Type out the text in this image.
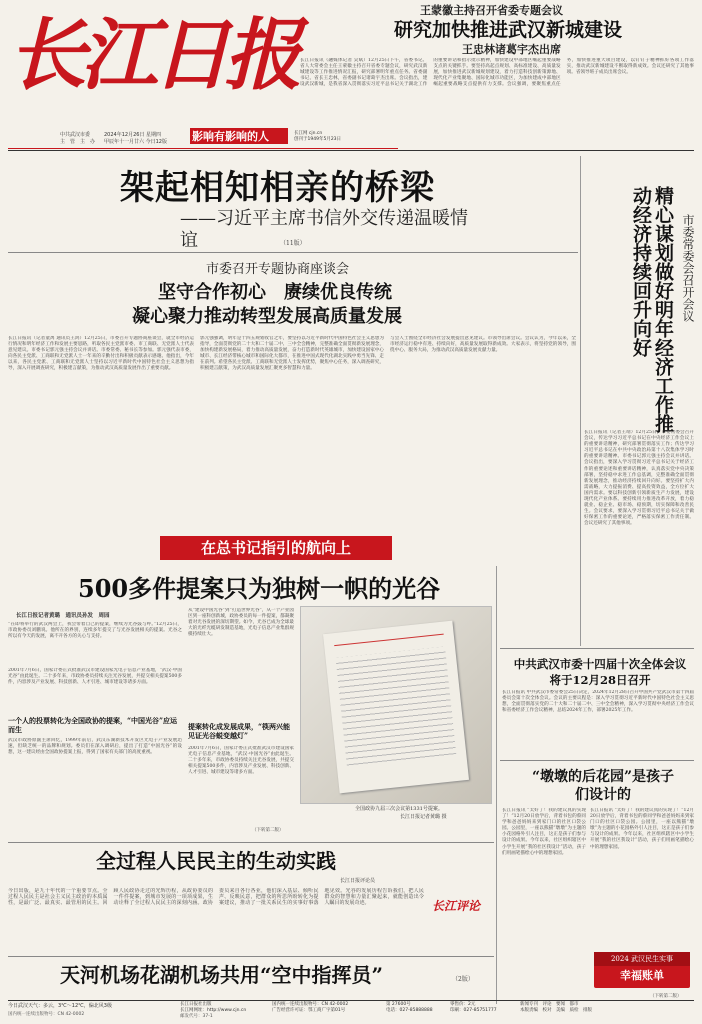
长江日报
中共武汉市委
主　管　主　办
2024年12月26日 星期四
甲辰年十一月廿六 今日12版	影响有影响的人	长江网 cjn.cn
创刊于1949年5月23日
王蒙徽主持召开省委专题会议
研究加快推进武汉新城建设
王忠林诸葛宇杰出席
长江日报讯（融媒体记者 吴斌）12月25日下午，省委书记、省人大常委会主任王蒙徽主持召开省委专题会议，研究武汉新城建设等工作推进情况汇报，研究部署明年重点任务。省委副书记、省长王忠林，省委副书记诸葛宇杰出席。会议指出，建设武汉新城，是我省深入贯彻落实习近平总书记关于湖北工作的重要讲话和指示批示精神，加快建设中部地区崛起重要战略支点的关键抓手。要坚持高起点规划、高标准建设、高质量发展，加快推进武汉新城规划建设，着力打造科技创新策源地、现代化产业集聚地、国际化城市功能区，为加快建成中部地区崛起重要战略支点提供有力支撑。会议强调，要聚焦重点任务，加快推进重大项目建设，以钉钉子精神抓好各项工作落实，推动武汉新城建设不断取得新成效。会议还研究了其他事项。省领导班子成员出席会议。
架起相知相亲的桥梁
——习近平主席书信外交传递温暖情谊	（11版）
市委召开专题协商座谈会
坚守合作初心　赓续优良传统
凝心聚力推动转型发展高质量发展
长江日报讯（记者童禹 通讯员王鸿）12月25日，市委召开专题协商座谈会，就全市经济运行情况和明年经济工作和发展主要思路，听取各民主党派市委、市工商联、无党派人士代表意见建议。市委书记郭元强主持会议并讲话。市委常委、秘书长等参加。郭元强代表市委，向各民主党派、工商联和无党派人士一年来的辛勤付出和积极贡献表示感谢。他指出，今年以来，各民主党派、工商联和无党派人士坚持以习近平新时代中国特色社会主义思想为指导，深入开展调查研究，积极建言献策，为推动武汉高质量发展作出了重要贡献。
郭元强强调，明年是十四五规划收官之年，要坚持以习近平新时代中国特色社会主义思想为指导，全面贯彻党的二十大和二十届二中、三中全会精神，完整准确全面贯彻新发展理念，加快构建新发展格局，着力推动高质量发展，奋力打造新时代英雄城市，加快建设国家中心城市、长江经济带核心城市和国际化大都市，在推进中国式现代化湖北实践中勇当先锋、走在前列。希望各民主党派、工商联和无党派人士发挥优势，聚焦中心任务，深入调查研究，积极建言献策，为武汉高质量发展汇聚更多智慧和力量。
与会人士围绕全市经济社会发展提出意见建议。市领导出席会议。会议认为，今年以来，全市经济运行稳中有进、持续向好，高质量发展取得新成效。大家表示，将坚持党的领导，围绕中心、服务大局，为推动武汉高质量发展贡献力量。
市委常委会召开会议
精心谋划做好明年经济工作推动经济持续回升向好
长江日报讯（记者王靖）12月25日，市委常委会召开会议，传达学习习近平总书记在中央经济工作会议上的重要讲话精神，研究部署贯彻落实工作；传达学习习近平总书记在中共中央政治局第十八次集体学习时的重要讲话精神。市委书记郭元强主持会议并讲话。会议指出，要深入学习贯彻习近平总书记关于经济工作的重要论述和重要讲话精神，认真落实党中央决策部署，坚持稳中求进工作总基调，完整准确全面贯彻新发展理念，推动经济持续回升向好。要坚持扩大内需战略，大力提振消费、提高投资效益，全方位扩大国内需求。要以科技创新引领新质生产力发展，建设现代化产业体系。要持续用力推进改革开放，着力稳就业、稳企业、稳市场、稳预期，切实保障和改善民生。会议要求，要深入学习贯彻习近平总书记关于做好保密工作的重要论述，严格落实保密工作责任制。会议还研究了其他事项。
在总书记指引的航向上
500多件提案只为独树一帜的光谷
长江日报记者黄璐　通讯员孙发　周园
“在即将举行的武汉两会上，我会带着自己的提案，继续为光谷鼓与呼。”12月25日，市政协委员刘鹏说。他所在的界别，连续多年提交了与光谷发展相关的提案。光谷之所以有今天的发展，离不开各方的关心与支持。
2001年7月6日，国家计委正式批准武汉市建设国家光电子信息产业基地，“武汉·中国光谷”由此诞生。二十多年来，市政协委员持续关注光谷发展，共提交相关提案500多件，内容涉及产业发展、科技创新、人才引进、城市建设等诸多方面。
一个人的投票转化为全国政协的提案，“中国光谷”应运而生
武汉市政协原副主席回忆，1999年前后，武汉东湖新技术开发区光电子产业发展迅速，但缺乏统一的品牌和规划。委员们在深入调研后，提出了打造“中国光谷”的设想，这一建议经由全国政协提案上报，得到了国家有关部门的高度重视。
从“建设中国光谷”到“打造世界光谷”，从一个产业园区到一座科创新城，政协委员的每一件提案，都凝聚着对光谷发展的深切期望。如今，光谷已成为全球最大的光纤光缆研发制造基地，光电子信息产业集群规模持续壮大。
提案转化成发展成果，“筷两兴能见证光谷蜕变越灯”
2001年7月6日，国家计委正式批准武汉市建设国家光电子信息产业基地，“武汉·中国光谷”由此诞生。二十多年来，市政协委员持续关注光谷发展，共提交相关提案500多件，内容涉及产业发展、科技创新、人才引进、城市建设等诸多方面。
（下转第二版）
全国政协九届三次会议第1331号提案。
长江日报记者黄璐 摄
中共武汉市委十四届十次全体会议将于12月28日召开
长江日报讯 中共武汉市委常委会25日决定，2024年12月28日召开中国共产党武汉市第十四届委员会第十次全体会议。会议的主要议程是：深入学习贯彻习近平新时代中国特色社会主义思想，全面贯彻落实党的二十大和二十届二中、三中全会精神，深入学习贯彻中央经济工作会议和省委经济工作会议精神，总结2024年工作，部署2025年工作。
“墩墩的后花园”是孩子们设计的
长江日报讯 “太好了！我的建议真的实现了！”12月20日放学后，背着书包的蔡同学和爸爸妈妈来到家门口的社区口袋公园。公园里，一座以熊猫“墩墩”为主题的小花园格外引人注目，这正是孩子们参与设计的成果。今年以来，社区组织辖区中小学生开展“我的社区我设计”活动，孩子们用画笔描绘心中的理想家园。
长江日报讯 “太好了！我的建议真的实现了！”12月20日放学后，背着书包的蔡同学和爸爸妈妈来到家门口的社区口袋公园。公园里，一座以熊猫“墩墩”为主题的小花园格外引人注目，这正是孩子们参与设计的成果。今年以来，社区组织辖区中小学生开展“我的社区我设计”活动，孩子们用画笔描绘心中的理想家园。
2024 武汉民生实事
幸福账单
（下转第二版）
全过程人民民主的生动实践
长江日报评论员
今日出版，是九十年代的一个重要节点。全过程人民民主是社会主义民主政治的本质属性，是最广泛、最真实、最管用的民主。回顾人民政协走过的光辉历程，从政协委员的一件件提案，到城市发展的一项项成果，生动诠释了全过程人民民主的深刻内涵。政协委员来自各行各业，他们深入基层、倾听民声、反映民意，把群众的所思所盼转化为提案建议，推动了一批关系民生的实事好事落地见效。光谷的发展历程告诉我们，把人民群众的智慧和力量汇聚起来，就能创造出令人瞩目的发展奇迹。	长江评论
天河机场花湖机场共用“空中指挥员”	（2版）
今日武汉天气：多云，3℃～12℃，偏北风3级	长江日报社出版
长江网网址：http://www.cjn.cn
国内统一连续出版物号：CN 42-0002
广告经营许可证：鄂工商广字第01号
第 27600号
电话：027-85888888
零售价：2元
印刷：027-85751777
新闻专刊　评论　要闻　都市
本版责编　校对　美编　质检　排版
国内统一连续出版物号：CN 42-0002	邮发代号：37-1
